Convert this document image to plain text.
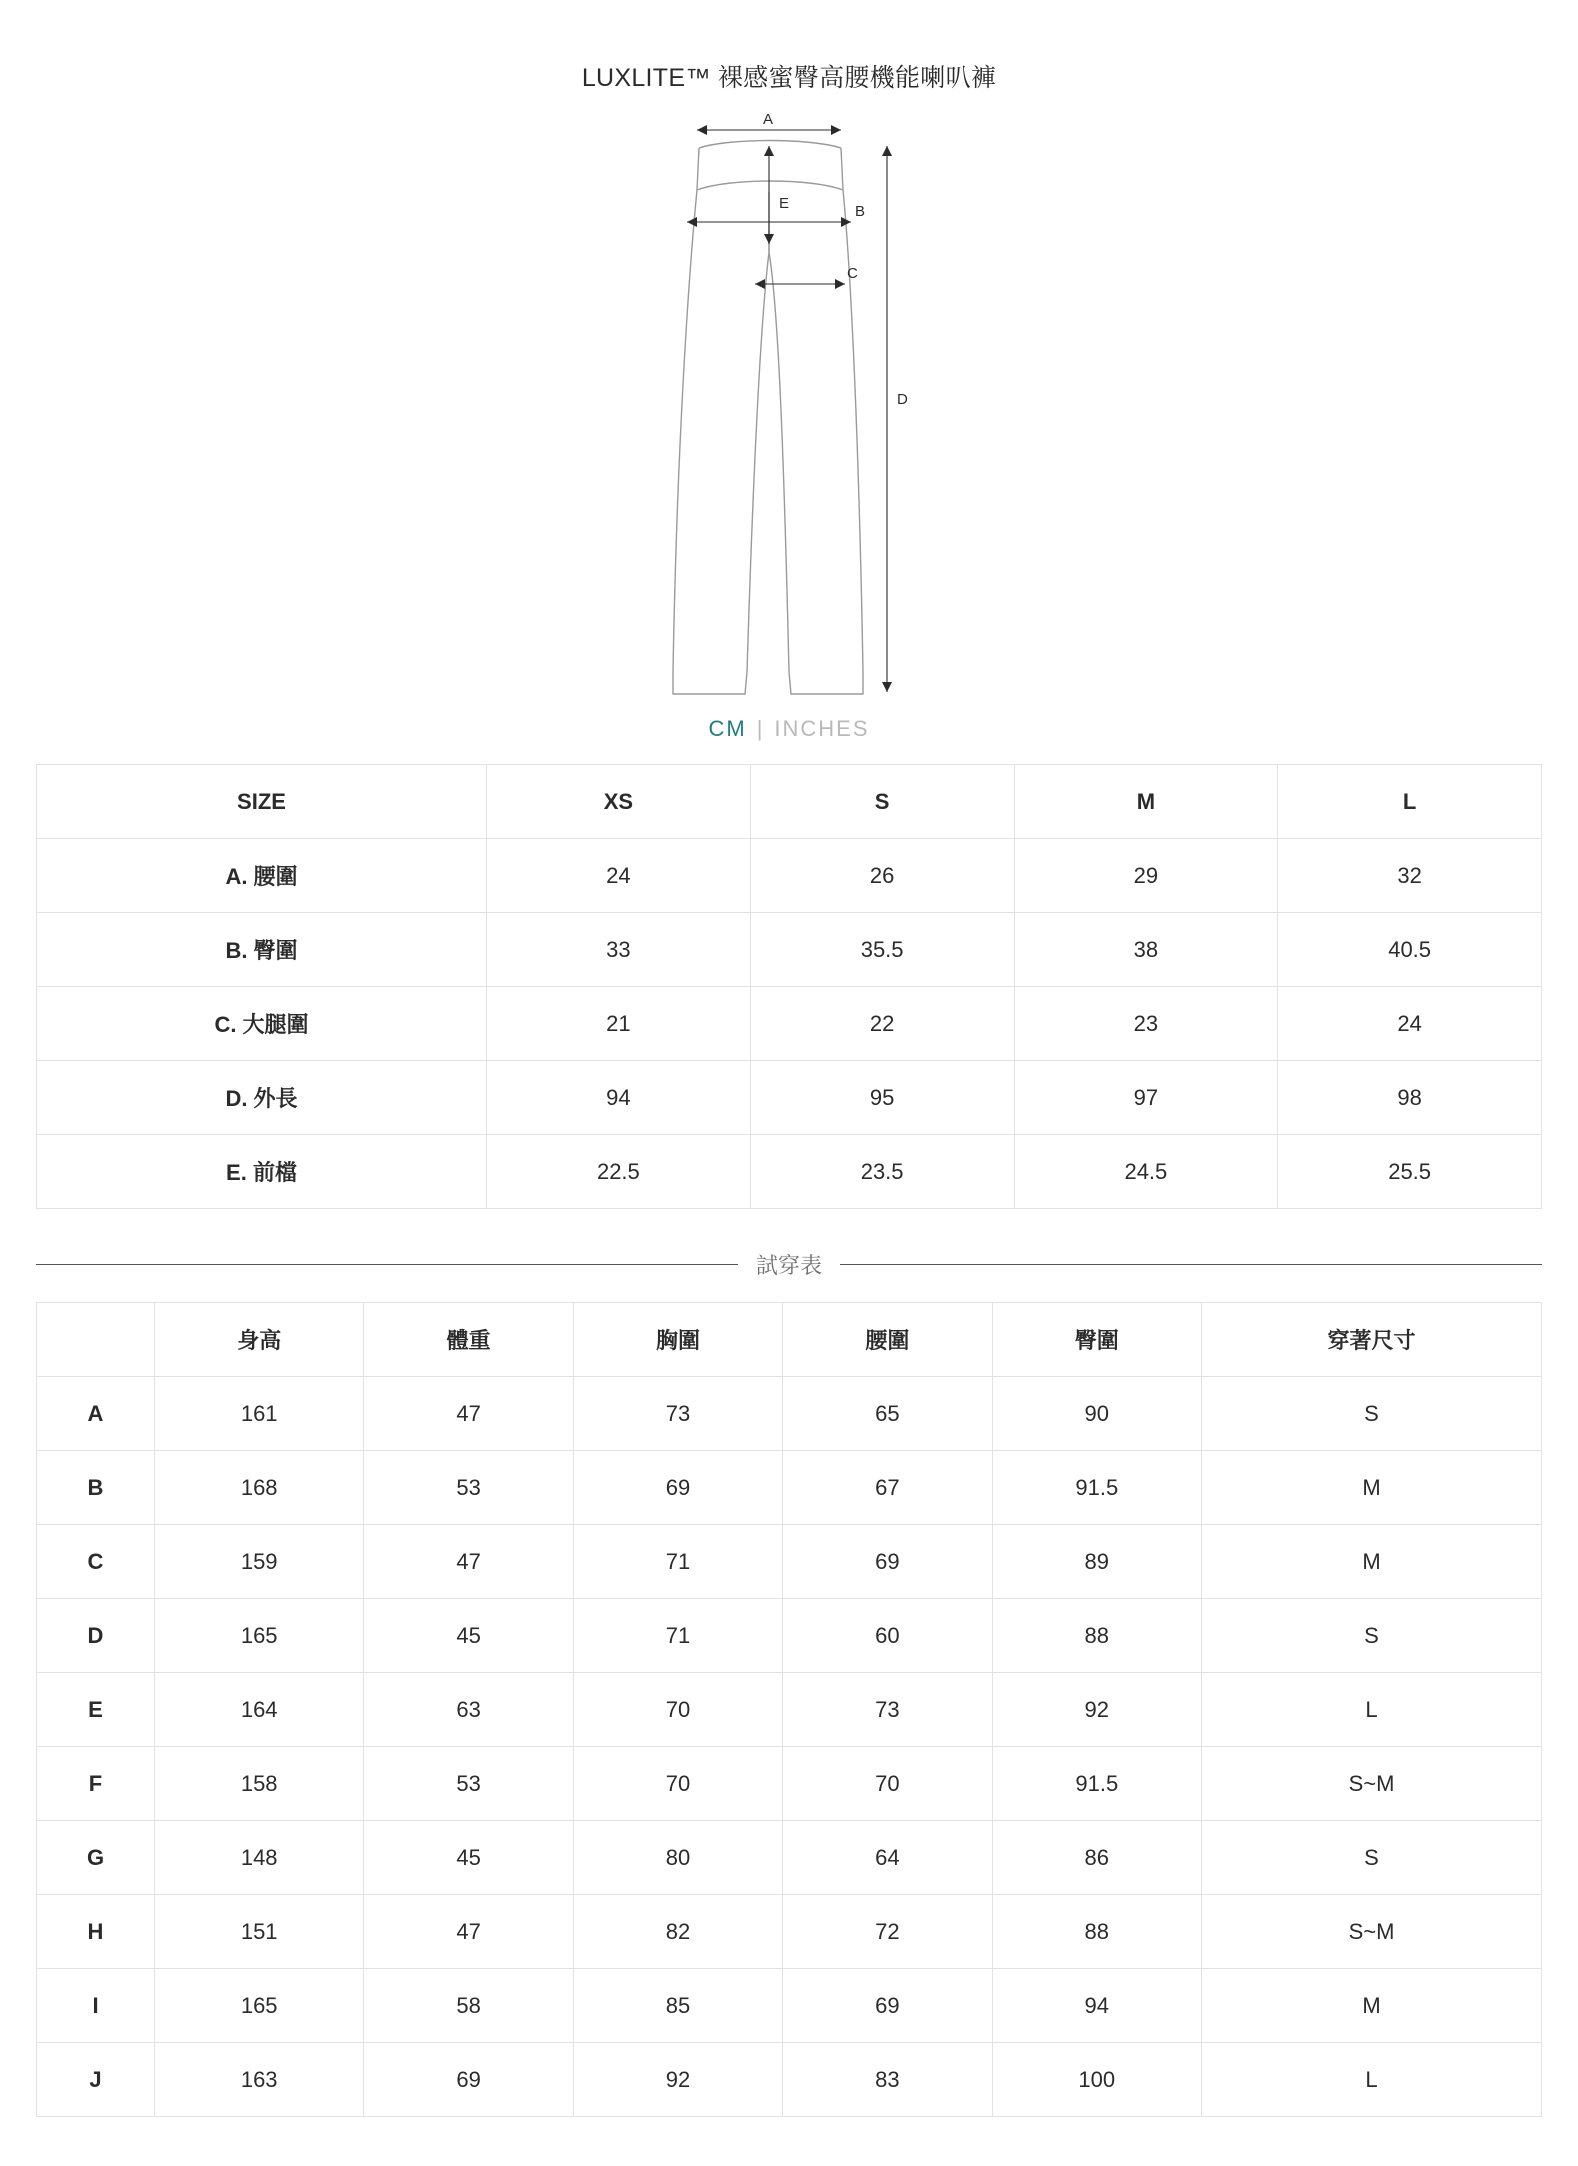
LUXLITE™ 裸感蜜臀高腰機能喇叭褲
A
E	B
C
D
CM | INCHES
SIZE	XS	S	M	L
A. 腰圍	24	26	29	32
B. 臀圍	33	35.5	38	40.5
C. 大腿圍	21	22	23	24
D. 外長	94	95	97	98
E. 前檔	22.5	23.5	24.5	25.5
試穿表
	身高	體重	胸圍	腰圍	臀圍	穿著尺寸
A	161	47	73	65	90	S
B	168	53	69	67	91.5	M
C	159	47	71	69	89	M
D	165	45	71	60	88	S
E	164	63	70	73	92	L
F	158	53	70	70	91.5	S~M
G	148	45	80	64	86	S
H	151	47	82	72	88	S~M
I	165	58	85	69	94	M
J	163	69	92	83	100	L
